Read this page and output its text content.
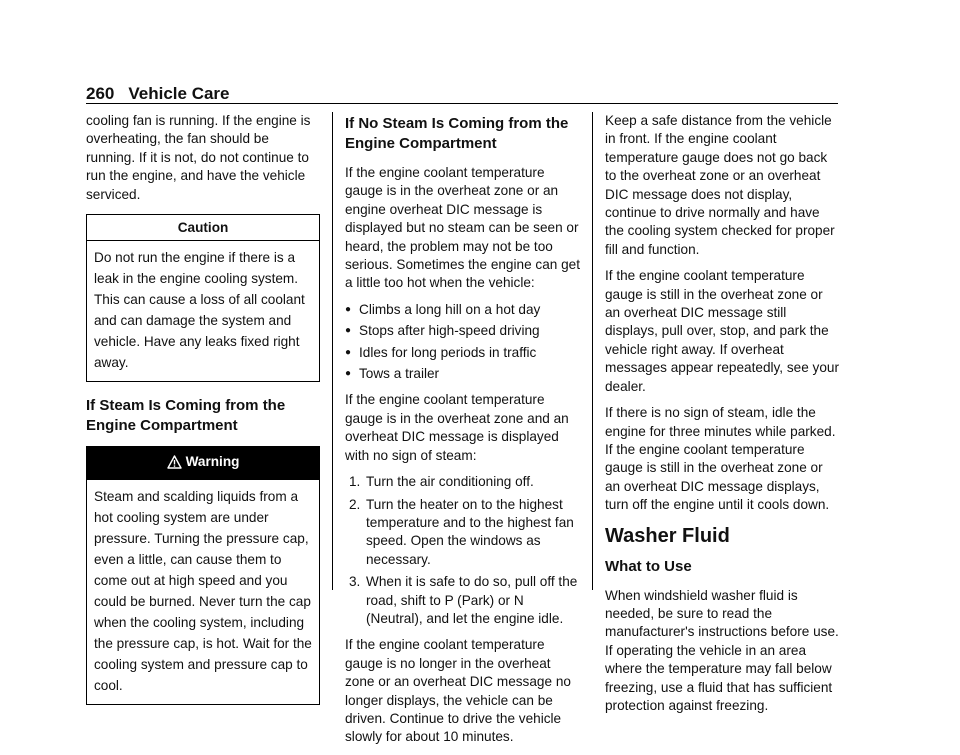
260 Vehicle Care

cooling fan is running. If the engine is overheating, the fan should be running. If it is not, do not continue to run the engine, and have the vehicle serviced.

Caution
Do not run the engine if there is a leak in the engine cooling system. This can cause a loss of all coolant and can damage the system and vehicle. Have any leaks fixed right away.
If Steam Is Coming from the Engine Compartment
Warning
Steam and scalding liquids from a hot cooling system are under pressure. Turning the pressure cap, even a little, can cause them to come out at high speed and you could be burned. Never turn the cap when the cooling system, including the pressure cap, is hot. Wait for the cooling system and pressure cap to cool.
If No Steam Is Coming from the Engine Compartment

If the engine coolant temperature gauge is in the overheat zone or an engine overheat DIC message is displayed but no steam can be seen or heard, the problem may not be too serious. Sometimes the engine can get a little too hot when the vehicle:

● Climbs a long hill on a hot day
● Stops after high-speed driving
● Idles for long periods in traffic
● Tows a trailer

If the engine coolant temperature gauge is in the overheat zone and an overheat DIC message is displayed with no sign of steam:

1. Turn the air conditioning off.
2. Turn the heater on to the highest temperature and to the highest fan speed. Open the windows as necessary.
3. When it is safe to do so, pull off the road, shift to P (Park) or N (Neutral), and let the engine idle.

If the engine coolant temperature gauge is no longer in the overheat zone or an overheat DIC message no longer displays, the vehicle can be driven. Continue to drive the vehicle slowly for about 10 minutes.

Keep a safe distance from the vehicle in front. If the engine coolant temperature gauge does not go back to the overheat zone or an overheat DIC message does not display, continue to drive normally and have the cooling system checked for proper fill and function.

If the engine coolant temperature gauge is still in the overheat zone or an overheat DIC message still displays, pull over, stop, and park the vehicle right away. If overheat messages appear repeatedly, see your dealer.

If there is no sign of steam, idle the engine for three minutes while parked. If the engine coolant temperature gauge is still in the overheat zone or an overheat DIC message displays, turn off the engine until it cools down.

Washer Fluid
What to Use

When windshield washer fluid is needed, be sure to read the manufacturer's instructions before use. If operating the vehicle in an area where the temperature may fall below freezing, use a fluid that has sufficient protection against freezing.
